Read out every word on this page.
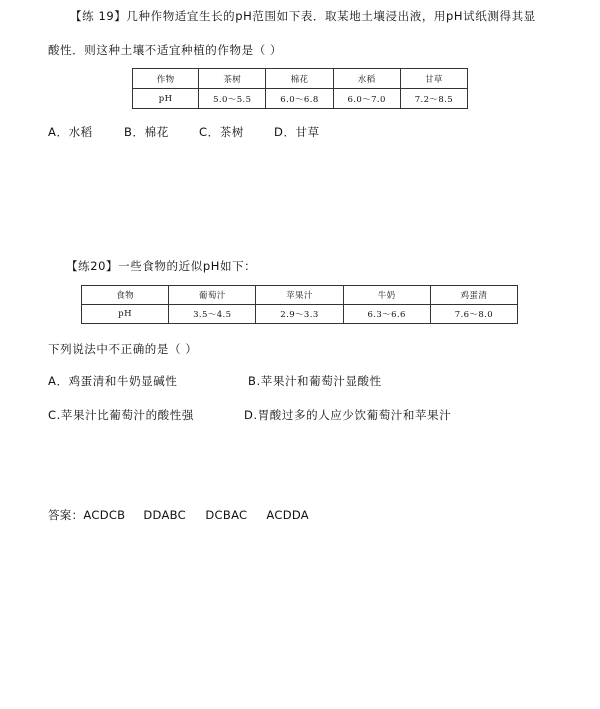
【练 19】几种作物适宜生长的pH范围如下表．取某地土壤浸出液，用pH试纸测得其显
酸性．则这种土壤不适宜种植的作物是（ ）
作物	茶树	棉花	水稻	甘草
pH	5.0～5.5	6.0～6.8	6.0～7.0	7.2～8.5
A．水稻	B．棉花	C．茶树	D．甘草
【练20】一些食物的近似pH如下：
食物	葡萄汁	苹果汁	牛奶	鸡蛋清
pH	3.5～4.5	2.9～3.3	6.3～6.6	7.6～8.0
下列说法中不正确的是（ ）
A．鸡蛋清和牛奶显碱性	B.苹果汁和葡萄汁显酸性
C.苹果汁比葡萄汁的酸性强	D.胃酸过多的人应少饮葡萄汁和苹果汁
答案：ACDCB DDABC DCBAC ACDDA
